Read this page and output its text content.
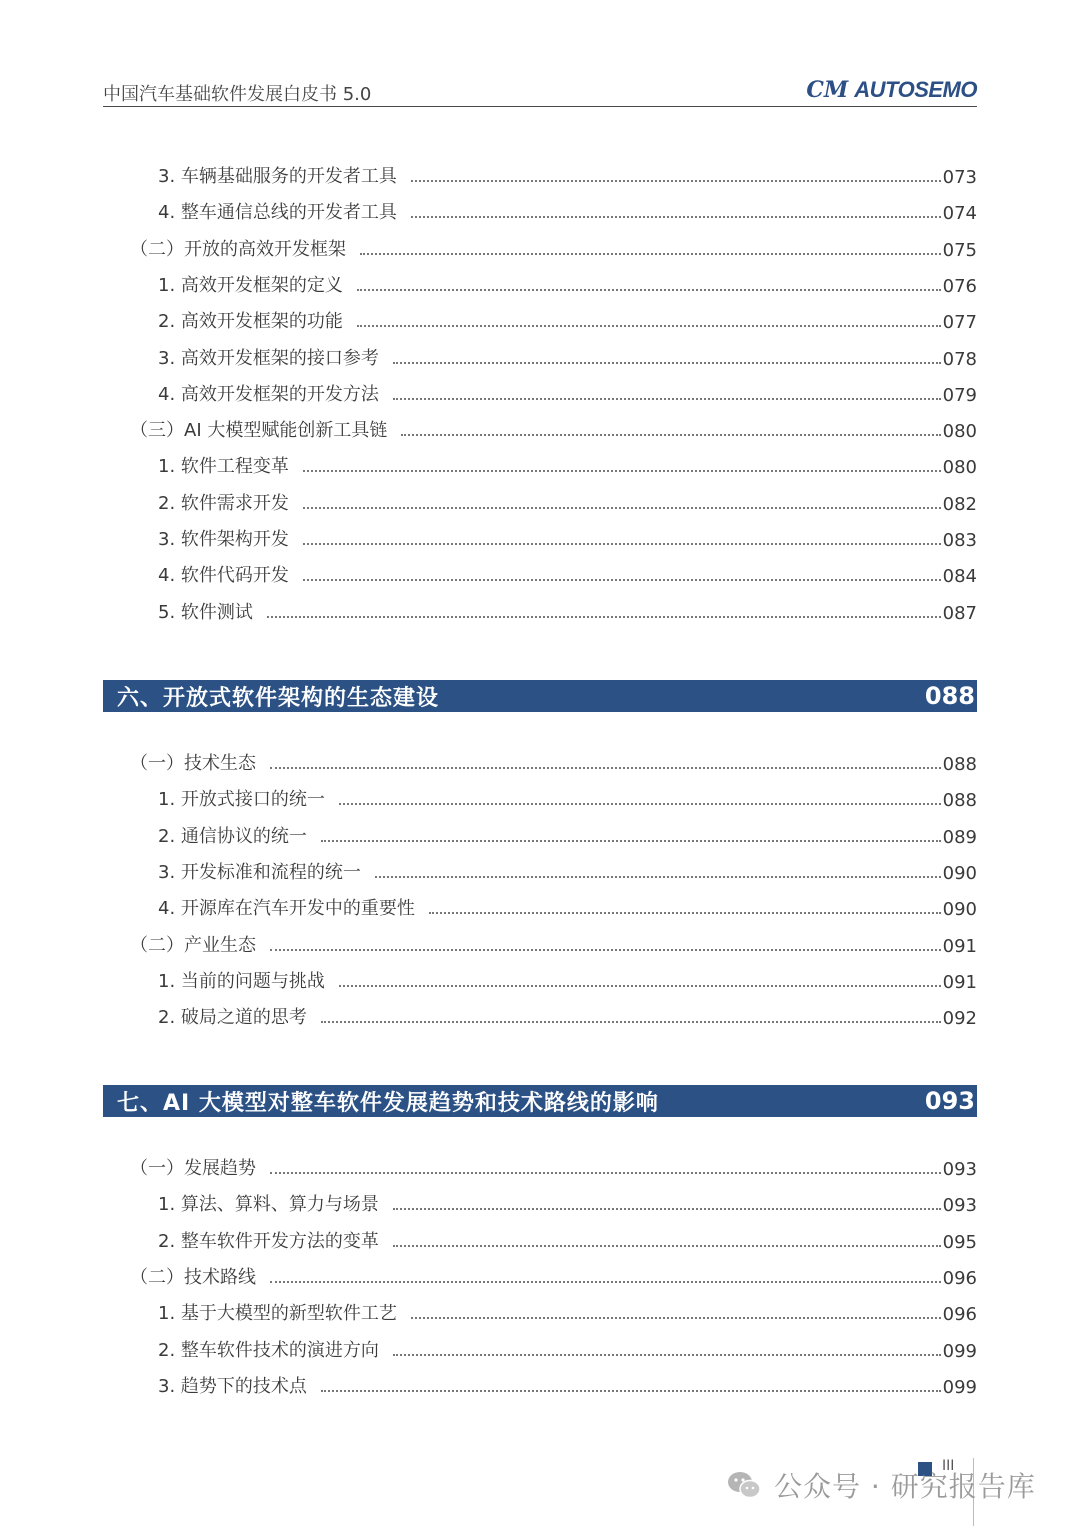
中国汽车基础软件发展白皮书 5.0	CM AUTOSEMO
3. 车辆基础服务的开发者工具	073
4. 整车通信总线的开发者工具	074
（二）开放的高效开发框架	075
1. 高效开发框架的定义	076
2. 高效开发框架的功能	077
3. 高效开发框架的接口参考	078
4. 高效开发框架的开发方法	079
（三）AI 大模型赋能创新工具链	080
1. 软件工程变革	080
2. 软件需求开发	082
3. 软件架构开发	083
4. 软件代码开发	084
5. 软件测试	087
六、开放式软件架构的生态建设	088
（一）技术生态	088
1. 开放式接口的统一	088
2. 通信协议的统一	089
3. 开发标准和流程的统一	090
4. 开源库在汽车开发中的重要性	090
（二）产业生态	091
1. 当前的问题与挑战	091
2. 破局之道的思考	092
七、AI 大模型对整车软件发展趋势和技术路线的影响	093
（一）发展趋势	093
1. 算法、算料、算力与场景	093
2. 整车软件开发方法的变革	095
（二）技术路线	096
1. 基于大模型的新型软件工艺	096
2. 整车软件技术的演进方向	099
3. 趋势下的技术点	099
III
公众号 · 研究报告库
